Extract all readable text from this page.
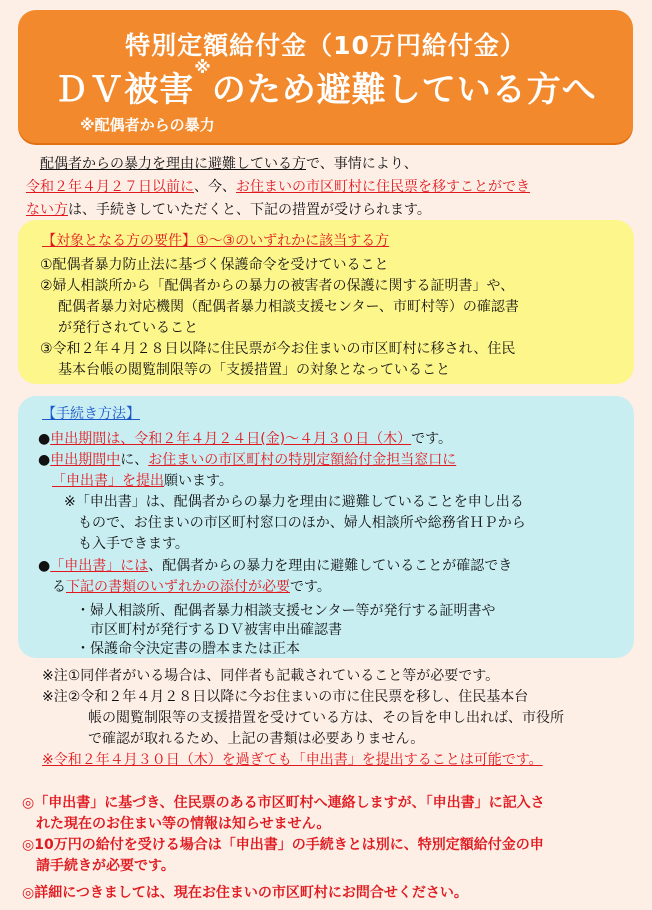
特別定額給付金（10万円給付金）
ＤＶ被害※のため避難している方へ
※配偶者からの暴力
配偶者からの暴力を理由に避難している方で、事情により、
令和２年４月２７日以前に、今、お住まいの市区町村に住民票を移すことができ
ない方は、手続きしていただくと、下記の措置が受けられます。
【対象となる方の要件】①～③のいずれかに該当する方
①配偶者暴力防止法に基づく保護命令を受けていること
②婦人相談所から「配偶者からの暴力の被害者の保護に関する証明書」や、
配偶者暴力対応機関（配偶者暴力相談支援センター、市町村等）の確認書
が発行されていること
③令和２年４月２８日以降に住民票が今お住まいの市区町村に移され、住民
基本台帳の閲覧制限等の「支援措置」の対象となっていること
【手続き方法】
●申出期間は、令和２年４月２４日(金)～４月３０日（木）です。
●申出期間中に、お住まいの市区町村の特別定額給付金担当窓口に
「申出書」を提出願います。
※「申出書」は、配偶者からの暴力を理由に避難していることを申し出る
もので、お住まいの市区町村窓口のほか、婦人相談所や総務省ＨＰから
も入手できます。
●「申出書」には、配偶者からの暴力を理由に避難していることが確認でき
る下記の書類のいずれかの添付が必要です。
・婦人相談所、配偶者暴力相談支援センター等が発行する証明書や
市区町村が発行するＤＶ被害申出確認書
・保護命令決定書の謄本または正本
※注①同伴者がいる場合は、同伴者も記載されていること等が必要です。
※注②令和２年４月２８日以降に今お住まいの市に住民票を移し、住民基本台
帳の閲覧制限等の支援措置を受けている方は、その旨を申し出れば、市役所
で確認が取れるため、上記の書類は必要ありません。
※令和２年４月３０日（木）を過ぎても「申出書」を提出することは可能です。
◎「申出書」に基づき、住民票のある市区町村へ連絡しますが、「申出書」に記入さ
れた現在のお住まい等の情報は知らせません。
◎10万円の給付を受ける場合は「申出書」の手続きとは別に、特別定額給付金の申
請手続きが必要です。
◎詳細につきましては、現在お住まいの市区町村にお問合せください。
